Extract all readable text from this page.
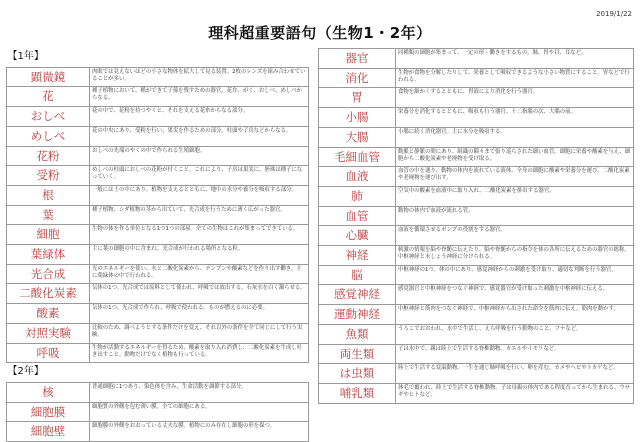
2019/1/22
理科超重要語句（生物1・2年）
【1年】	
顕微鏡	肉眼では見えないほどの小さな物体を拡大して見る装置。2枚のレンズを組み合わせていることが多い。
花	種子植物において、種ができて子孫を残すための器官。花弁、がく、おしべ、めしべからなる。
おしべ	花の中で、花粉を持つやくと、それを支える花糸からなる部分。
めしべ	花の中央にあり、受粉を行い、果実を作るための部分。柱頭や子房などからなる。
花粉	おしべの先端のやくの中で作られる生殖細胞。
受粉	めしべの柱頭におしべの花粉が付くこと。これにより、子房は果実に、胚珠は種子になっていく。
根	一般には土の中にあり、植物を支えるとともに、地中の水分や養分を吸収する部分。
葉	種子植物、シダ植物の茎から出ていて、光合成を行うために薄く広がった器官。
細胞	生物の体を作る単位となる1つ1つの部屋。全ての生物はこれが集まってできている。
葉緑体	主に葉の細胞の中に含まれ、光合成が行われる場所となる粒。
光合成	光のエネルギーを使い、水と二酸化炭素から、デンプンや酸素などを作り出す働き。主に葉緑体の中で行われる。
二酸化炭素	気体の1つ。光合成では原料として使われ、呼吸では放出する。石灰水を白く濁らせる。
酸素	気体の1つ。光合成で作られ、呼吸で使われる。ものが燃えるのに必要。
対照実験	比較のため、調べようとする条件だけを変え、それ以外の条件を全て同じにして行う実験。
呼吸	生物が活動するエネルギーを得るため、酸素を取り入れ消費し、二酸化炭素を生成し吐き出すこと。動物だけでなく植物も行っている。
【2年】	
核	普通細胞に1つあり、染色体を含み、生命活動を調節する部分。
細胞膜	細胞質の外側を包む薄い膜。全ての細胞にある。
細胞壁	細胞膜の外側をおおっている丈夫な膜。植物にのみ存在し細胞の形を保つ。
器官	同種類の細胞が集まって、一定の形・働きをするもの。肺、胃や目、耳など。
消化	生物が食物を分解したりして、栄養として吸収できるような小さい物質にすること。胃などで行われる。
胃	食物を細かくするとともに、胃液により消化を行う器官。
小腸	栄養分を消化するとともに、吸収も行う器官。十二指腸の次、大腸の前。
大腸	小腸に続く消化器官。主に水分を吸収する。
毛細血管	動脈と静脈の間にあり、組織の隅々まで張り巡らされた細い血管。細胞に栄養や酸素を与え、細胞から二酸化炭素や老廃物を受け取る。
血液	血管の中を通り、動物の体内を流れている液体。全身の細胞に酸素や栄養分を運び、二酸化炭素や老廃物を運び出す。
肺	空気中の酸素を血液中に取り入れ、二酸化炭素を排出する器官。
血管	動物の体内で血液が流れる管。
心臓	血液を循環させるポンプの役割をする器官。
神経	刺激の情報を脳や脊髄に伝えたり、脳や脊髄からの指令を体の各所に伝えるための器官の総称。中枢神経と末しょう神経に分けられる。
脳	中枢神経の1つ。体の中にあり、感覚神経からの刺激を受け取り、適切な判断を行う器官。
感覚神経	感覚器官と中枢神経をつなぐ神経で、感覚器官が受け取った刺激を中枢神経に伝える。
運動神経	中枢神経と筋肉をつなぐ神経で、中枢神経から出された命令を筋肉に伝え、筋肉を動かす。
魚類	うろこでおおわれ、水中で生活し、えら呼吸を行う動物のこと。フナなど。
両生類	子は水中で、親は陸上で生活する脊椎動物。カエルやイモリなど。
は虫類	陸上で生活する変温動物。一生を通じ肺呼吸を行い、卵を産む。カメやヘビやトカゲなど。
哺乳類	体毛で覆われ、陸上で生活する脊椎動物。子は母親の体内である程度育ってから生まれる。ウサギやヒトなど。
